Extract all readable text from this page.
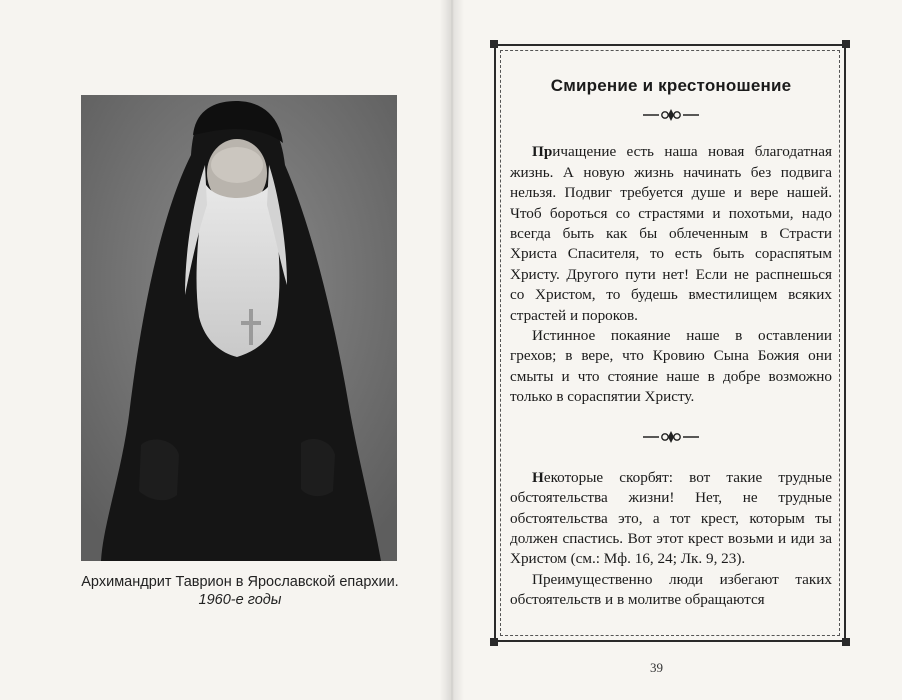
Архимандрит Таврион в Ярославской епархии.
1960-е годы
Смирение и крестоношение

Причащение есть наша новая благодатная жизнь. А новую жизнь начинать без подвига нельзя. Подвиг требуется душе и вере нашей. Чтоб бороться со страстями и похотьми, надо всегда быть как бы облеченным в Страсти Христа Спасителя, то есть быть сораспятым Христу. Другого пути нет! Если не распнешься со Христом, то будешь вместилищем всяких страстей и пороков.

Истинное покаяние наше в оставлении грехов; в вере, что Кровию Сына Божия они смыты и что стояние наше в добре возможно только в сораспятии Христу.

Некоторые скорбят: вот такие трудные обстоятельства жизни! Нет, не трудные обстоятельства это, а тот крест, которым ты должен спастись. Вот этот крест возьми и иди за Христом (см.: Мф. 16, 24; Лк. 9, 23).

Преимущественно люди избегают таких обстоятельств и в молитве обращаются

39
